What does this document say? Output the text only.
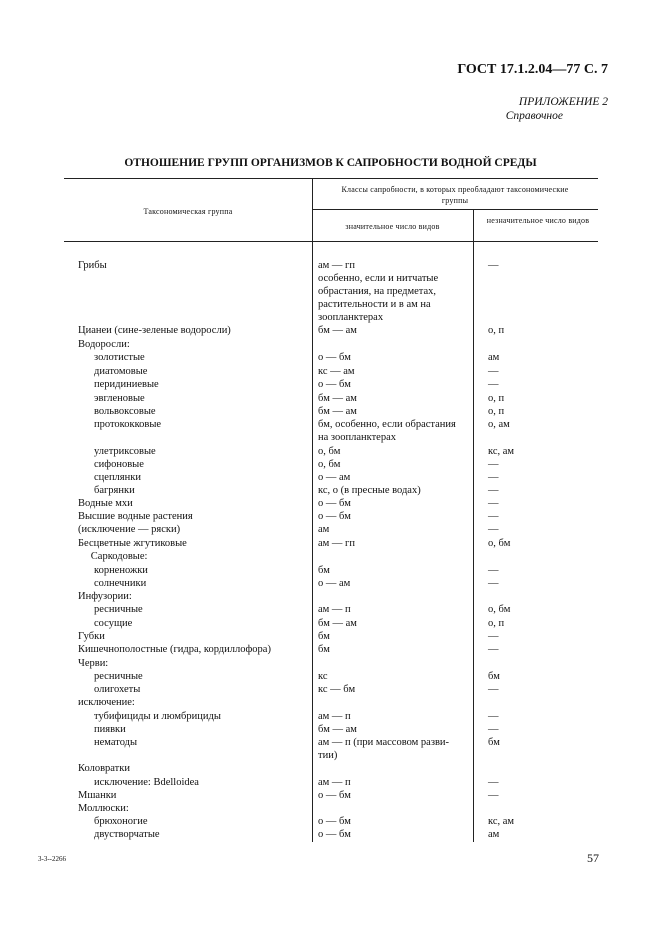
ГОСТ 17.1.2.04—77 С. 7
ПРИЛОЖЕНИЕ 2
Справочное
ОТНОШЕНИЕ ГРУПП ОРГАНИЗМОВ К САПРОБНОСТИ ВОДНОЙ СРЕДЫ
Таксономическая группа
Классы сапробности, в которых преобладают таксономические группы
значительное число видов
незначительное число видов
Грибы	ам — гп	—
особенно, если и нитчатые
обрастания, на предметах,
растительности и в ам на
зоопланктерах
Цианеи (сине-зеленые водоросли)	бм — ам	о, п
Водоросли:
золотистые	о — бм	ам
диатомовые	кс — ам	—
перидиниевые	о — бм	—
эвгленовые	бм — ам	о, п
вольвоксовые	бм — ам	о, п
протококковые	бм, особенно, если обрастания	о, ам
на зоопланктерах
улетриксовые	о, бм	кс, ам
сифоновые	о, бм	—
сцеплянки	о — ам	—
багрянки	кс, о (в пресные водах)	—
Водные мхи	о — бм	—
Высшие водные растения	о — бм	—
(исключение — ряски)	ам	—
Бесцветные жгутиковые	ам — гп	о, бм
Саркодовые:
корненожки	бм	—
солнечники	о — ам	—
Инфузории:
ресничные	ам — п	о, бм
сосущие	бм — ам	о, п
Губки	бм	—
Кишечнополостные (гидра, кордиллофора)	бм	—
Черви:
ресничные	кс	бм
олигохеты	кс — бм	—
исключение:
тубифициды и люмбрициды	ам — п	—
пиявки	бм — ам	—
нематоды	ам — п (при массовом разви-	бм
тии)
Коловратки
исключение: Bdelloidea	ам — п	—
Мшанки	о — бм	—
Моллюски:
брюхоногие	о — бм	кс, ам
двустворчатые	о — бм	ам
3-3--2266	57
